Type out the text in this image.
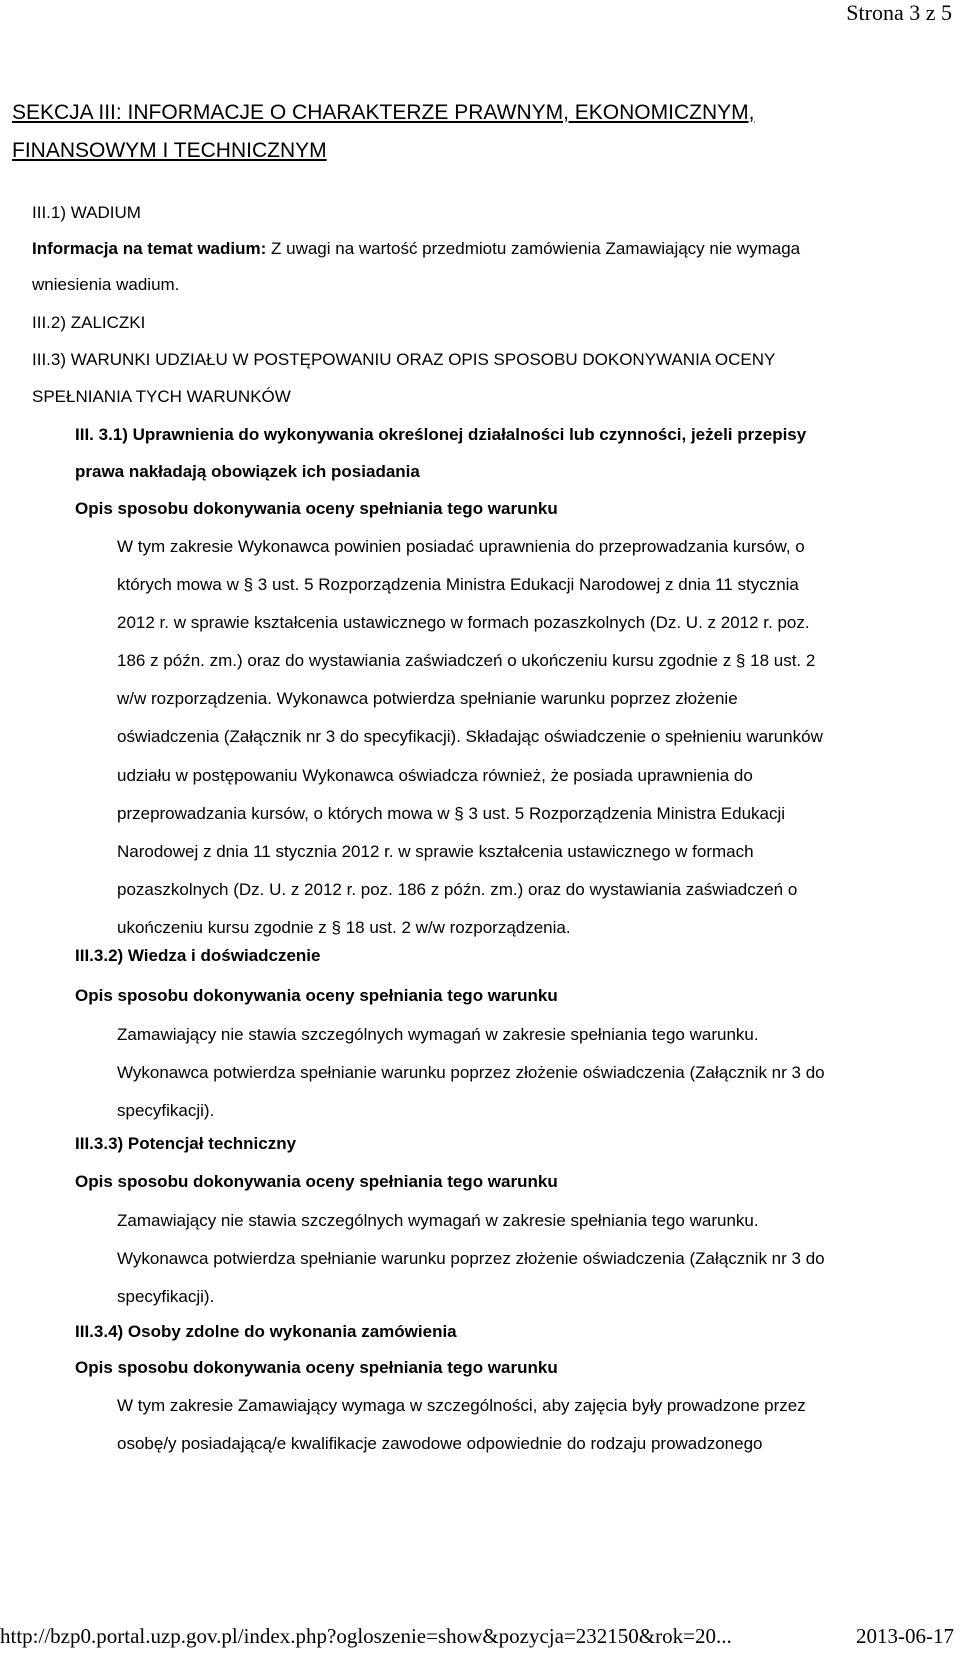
Strona 3 z 5
SEKCJA III: INFORMACJE O CHARAKTERZE PRAWNYM, EKONOMICZNYM,
FINANSOWYM I TECHNICZNYM
III.1) WADIUM
Informacja na temat wadium: Z uwagi na wartość przedmiotu zamówienia Zamawiający nie wymaga
wniesienia wadium.
III.2) ZALICZKI
III.3) WARUNKI UDZIAŁU W POSTĘPOWANIU ORAZ OPIS SPOSOBU DOKONYWANIA OCENY
SPEŁNIANIA TYCH WARUNKÓW
III. 3.1) Uprawnienia do wykonywania określonej działalności lub czynności, jeżeli przepisy
prawa nakładają obowiązek ich posiadania
Opis sposobu dokonywania oceny spełniania tego warunku
W tym zakresie Wykonawca powinien posiadać uprawnienia do przeprowadzania kursów, o
których mowa w § 3 ust. 5 Rozporządzenia Ministra Edukacji Narodowej z dnia 11 stycznia
2012 r. w sprawie kształcenia ustawicznego w formach pozaszkolnych (Dz. U. z 2012 r. poz.
186 z późn. zm.) oraz do wystawiania zaświadczeń o ukończeniu kursu zgodnie z § 18 ust. 2
w/w rozporządzenia. Wykonawca potwierdza spełnianie warunku poprzez złożenie
oświadczenia (Załącznik nr 3 do specyfikacji). Składając oświadczenie o spełnieniu warunków
udziału w postępowaniu Wykonawca oświadcza również, że posiada uprawnienia do
przeprowadzania kursów, o których mowa w § 3 ust. 5 Rozporządzenia Ministra Edukacji
Narodowej z dnia 11 stycznia 2012 r. w sprawie kształcenia ustawicznego w formach
pozaszkolnych (Dz. U. z 2012 r. poz. 186 z późn. zm.) oraz do wystawiania zaświadczeń o
ukończeniu kursu zgodnie z § 18 ust. 2 w/w rozporządzenia.
III.3.2) Wiedza i doświadczenie
Opis sposobu dokonywania oceny spełniania tego warunku
Zamawiający nie stawia szczególnych wymagań w zakresie spełniania tego warunku.
Wykonawca potwierdza spełnianie warunku poprzez złożenie oświadczenia (Załącznik nr 3 do
specyfikacji).
III.3.3) Potencjał techniczny
Opis sposobu dokonywania oceny spełniania tego warunku
Zamawiający nie stawia szczególnych wymagań w zakresie spełniania tego warunku.
Wykonawca potwierdza spełnianie warunku poprzez złożenie oświadczenia (Załącznik nr 3 do
specyfikacji).
III.3.4) Osoby zdolne do wykonania zamówienia
Opis sposobu dokonywania oceny spełniania tego warunku
W tym zakresie Zamawiający wymaga w szczególności, aby zajęcia były prowadzone przez
osobę/y posiadającą/e kwalifikacje zawodowe odpowiednie do rodzaju prowadzonego
http://bzp0.portal.uzp.gov.pl/index.php?ogloszenie=show&pozycja=232150&rok=20...	2013-06-17
